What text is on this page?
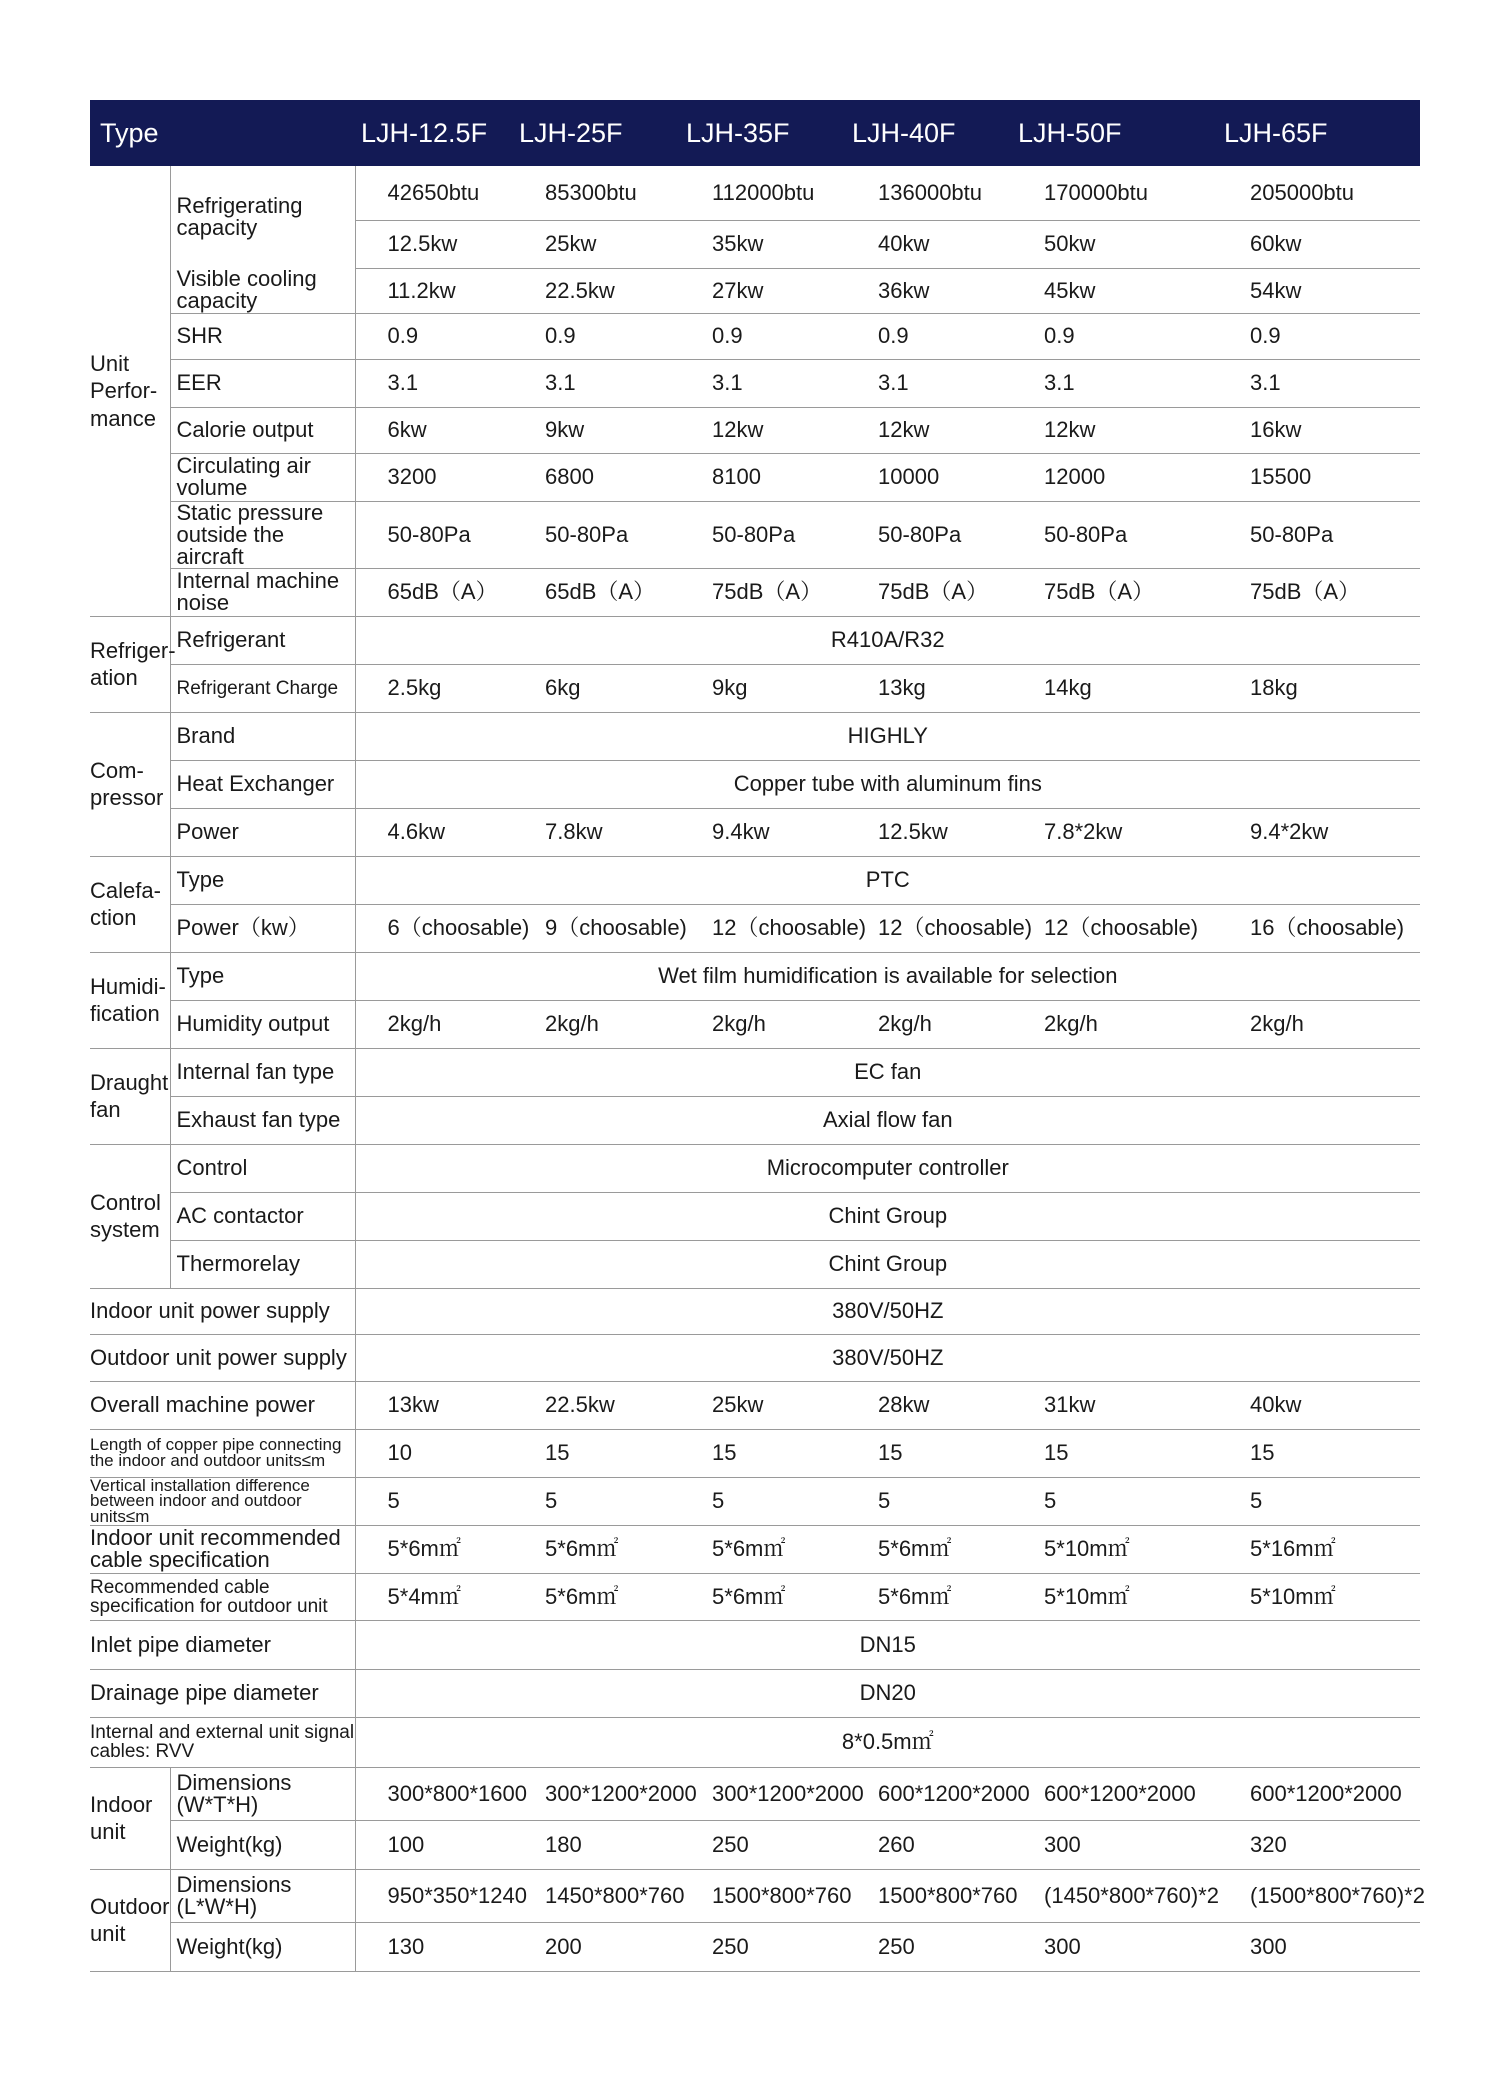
Type		LJH-12.5F	LJH-25F	LJH-35F	LJH-40F	LJH-50F	LJH-65F
Unit Perfor- mance	Refrigerating capacity	42650btu	85300btu	112000btu	136000btu	170000btu	205000btu
		12.5kw	25kw	35kw	40kw	50kw	60kw
	Visible cooling capacity	11.2kw	22.5kw	27kw	36kw	45kw	54kw
	SHR	0.9	0.9	0.9	0.9	0.9	0.9
	EER	3.1	3.1	3.1	3.1	3.1	3.1
	Calorie output	6kw	9kw	12kw	12kw	12kw	16kw
	Circulating air volume	3200	6800	8100	10000	12000	15500
	Static pressure outside the aircraft	50-80Pa	50-80Pa	50-80Pa	50-80Pa	50-80Pa	50-80Pa
	Internal machine noise	65dB（A）	65dB（A）	75dB（A）	75dB（A）	75dB（A）	75dB（A）
Refriger- ation	Refrigerant	R410A/R32					
	Refrigerant Charge	2.5kg	6kg	9kg	13kg	14kg	18kg
Com- pressor	Brand	HIGHLY					
	Heat Exchanger	Copper tube with aluminum fins					
	Power	4.6kw	7.8kw	9.4kw	12.5kw	7.8*2kw	9.4*2kw
Calefa- ction	Type	PTC					
	Power（kw）	6（choosable)	9（choosable)	12（choosable)	12（choosable)	12（choosable)	16（choosable)
Humidi- fication	Type	Wet film humidification is available for selection					
	Humidity output	2kg/h	2kg/h	2kg/h	2kg/h	2kg/h	2kg/h
Draught fan	Internal fan type	EC fan					
	Exhaust fan type	Axial flow fan					
Control system	Control	Microcomputer controller					
	AC contactor	Chint Group					
	Thermorelay	Chint Group					
Indoor unit power supply		380V/50HZ					
Outdoor unit power supply		380V/50HZ					
Overall machine power		13kw	22.5kw	25kw	28kw	31kw	40kw
Length of copper pipe connecting the indoor and outdoor units≤m		10	15	15	15	15	15
Vertical installation difference between indoor and outdoor units≤m		5	5	5	5	5	5
Indoor unit recommended cable specification		5*6m㎡	5*6m㎡	5*6m㎡	5*6m㎡	5*10m㎡	5*16m㎡
Recommended cable specification for outdoor unit		5*4m㎡	5*6m㎡	5*6m㎡	5*6m㎡	5*10m㎡	5*10m㎡
Inlet pipe diameter		DN15					
Drainage pipe diameter		DN20					
Internal and external unit signal cables: RVV		8*0.5m㎡					
Indoor unit	Dimensions (W*T*H)	300*800*1600	300*1200*2000	300*1200*2000	600*1200*2000	600*1200*2000	600*1200*2000
	Weight(kg)	100	180	250	260	300	320
Outdoor unit	Dimensions (L*W*H)	950*350*1240	1450*800*760	1500*800*760	1500*800*760	(1450*800*760)*2	(1500*800*760)*2
	Weight(kg)	130	200	250	250	300	300
